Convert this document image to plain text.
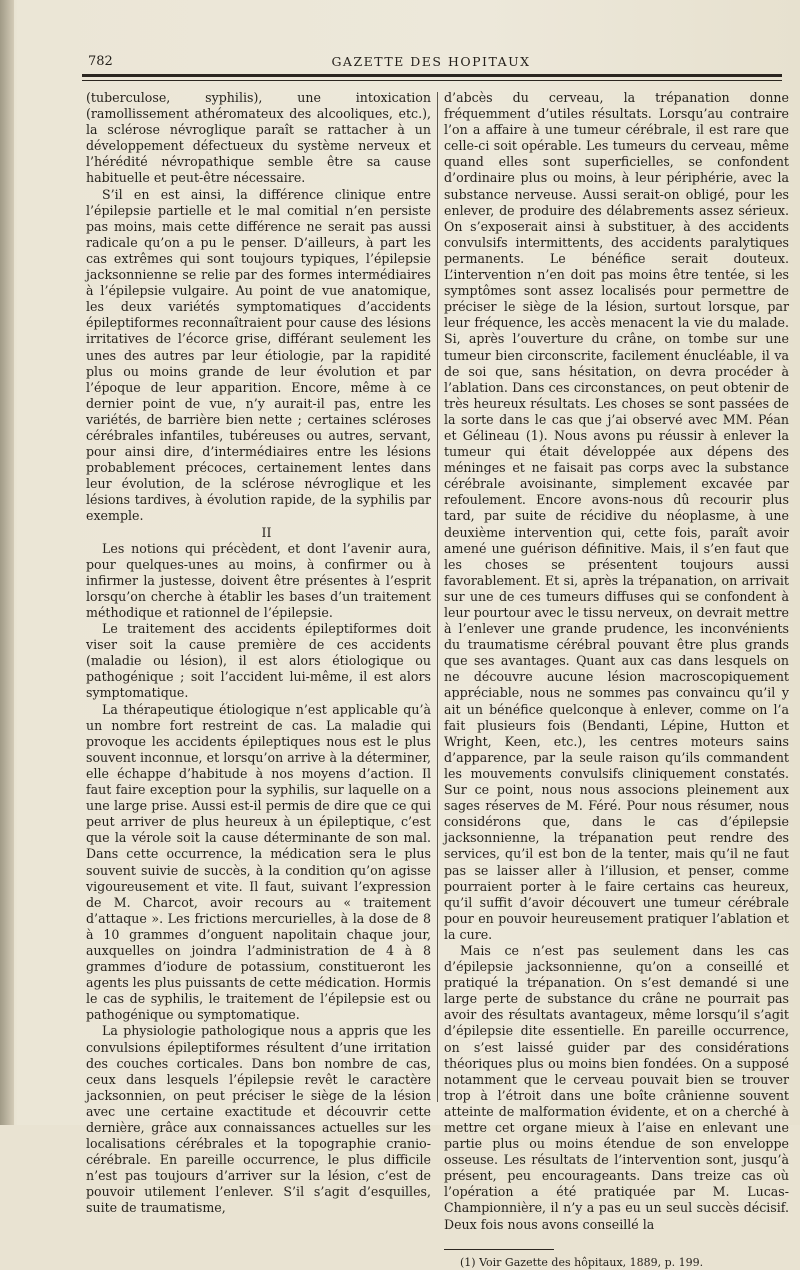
782	GAZETTE DES HOPITAUX

(tuberculose, syphilis), une intoxication (ramollissement athéromateux des alcooliques, etc.), la sclérose névroglique paraît se rattacher à un développement défectueux du système nerveux et l’hérédité névropathique semble être sa cause habituelle et peut-être nécessaire.

S’il en est ainsi, la différence clinique entre l’épilepsie partielle et le mal comitial n’en persiste pas moins, mais cette différence ne serait pas aussi radicale qu’on a pu le penser. D’ailleurs, à part les cas extrêmes qui sont toujours typiques, l’épilepsie jacksonnienne se relie par des formes intermédiaires à l’épilepsie vulgaire. Au point de vue anatomique, les deux variétés symptomatiques d’accidents épileptiformes reconnaîtraient pour cause des lésions irritatives de l’écorce grise, différant seulement les unes des autres par leur étiologie, par la rapidité plus ou moins grande de leur évolution et par l’époque de leur apparition. Encore, même à ce dernier point de vue, n’y aurait-il pas, entre les variétés, de barrière bien nette ; certaines scléroses cérébrales infantiles, tubéreuses ou autres, servant, pour ainsi dire, d’intermédiaires entre les lésions probablement précoces, certainement lentes dans leur évolution, de la sclérose névroglique et les lésions tardives, à évolution rapide, de la syphilis par exemple.

II

Les notions qui précèdent, et dont l’avenir aura, pour quelques-unes au moins, à confirmer ou à infirmer la justesse, doivent être présentes à l’esprit lorsqu’on cherche à établir les bases d’un traitement méthodique et rationnel de l’épilepsie.

Le traitement des accidents épileptiformes doit viser soit la cause première de ces accidents (maladie ou lésion), il est alors étiologique ou pathogénique ; soit l’accident lui-même, il est alors symptomatique.

La thérapeutique étiologique n’est applicable qu’à un nombre fort restreint de cas. La maladie qui provoque les accidents épileptiques nous est le plus souvent inconnue, et lorsqu’on arrive à la déterminer, elle échappe d’habitude à nos moyens d’action. Il faut faire exception pour la syphilis, sur laquelle on a une large prise. Aussi est-il permis de dire que ce qui peut arriver de plus heureux à un épileptique, c’est que la vérole soit la cause déterminante de son mal. Dans cette occurrence, la médication sera le plus souvent suivie de succès, à la condition qu’on agisse vigoureusement et vite. Il faut, suivant l’expression de M. Charcot, avoir recours au « traitement d’attaque ». Les frictions mercurielles, à la dose de 8 à 10 grammes d’onguent napolitain chaque jour, auxquelles on joindra l’administration de 4 à 8 grammes d’iodure de potassium, constitueront les agents les plus puissants de cette médication. Hormis le cas de syphilis, le traitement de l’épilepsie est ou pathogénique ou symptomatique.

La physiologie pathologique nous a appris que les convulsions épileptiformes résultent d’une irritation des couches corticales. Dans bon nombre de cas, ceux dans lesquels l’épilepsie revêt le caractère jacksonnien, on peut préciser le siège de la lésion avec une certaine exactitude et découvrir cette dernière, grâce aux connaissances actuelles sur les localisations cérébrales et la topographie cranio-cérébrale. En pareille occurrence, le plus difficile n’est pas toujours d’arriver sur la lésion, c’est de pouvoir utilement l’enlever. S’il s’agit d’esquilles, suite de traumatisme,

d’abcès du cerveau, la trépanation donne fréquemment d’utiles résultats. Lorsqu’au contraire l’on a affaire à une tumeur cérébrale, il est rare que celle-ci soit opérable. Les tumeurs du cerveau, même quand elles sont superficielles, se confondent d’ordinaire plus ou moins, à leur périphérie, avec la substance nerveuse. Aussi serait-on obligé, pour les enlever, de produire des délabrements assez sérieux. On s’exposerait ainsi à substituer, à des accidents convulsifs intermittents, des accidents paralytiques permanents. Le bénéfice serait douteux. L’intervention n’en doit pas moins être tentée, si les symptômes sont assez localisés pour permettre de préciser le siège de la lésion, surtout lorsque, par leur fréquence, les accès menacent la vie du malade. Si, après l’ouverture du crâne, on tombe sur une tumeur bien circonscrite, facilement énucléable, il va de soi que, sans hésitation, on devra procéder à l’ablation. Dans ces circonstances, on peut obtenir de très heureux résultats. Les choses se sont passées de la sorte dans le cas que j’ai observé avec MM. Péan et Gélineau (1). Nous avons pu réussir à enlever la tumeur qui était développée aux dépens des méninges et ne faisait pas corps avec la substance cérébrale avoisinante, simplement excavée par refoulement. Encore avons-nous dû recourir plus tard, par suite de récidive du néoplasme, à une deuxième intervention qui, cette fois, paraît avoir amené une guérison définitive. Mais, il s’en faut que les choses se présentent toujours aussi favorablement. Et si, après la trépanation, on arrivait sur une de ces tumeurs diffuses qui se confondent à leur pourtour avec le tissu nerveux, on devrait mettre à l’enlever une grande prudence, les inconvénients du traumatisme cérébral pouvant être plus grands que ses avantages. Quant aux cas dans lesquels on ne découvre aucune lésion macroscopiquement appréciable, nous ne sommes pas convaincu qu’il y ait un bénéfice quelconque à enlever, comme on l’a fait plusieurs fois (Bendanti, Lépine, Hutton et Wright, Keen, etc.), les centres moteurs sains d’apparence, par la seule raison qu’ils commandent les mouvements convulsifs cliniquement constatés. Sur ce point, nous nous associons pleinement aux sages réserves de M. Féré. Pour nous résumer, nous considérons que, dans le cas d’épilepsie jacksonnienne, la trépanation peut rendre des services, qu’il est bon de la tenter, mais qu’il ne faut pas se laisser aller à l’illusion, et penser, comme pourraient porter à le faire certains cas heureux, qu’il suffit d’avoir découvert une tumeur cérébrale pour en pouvoir heureusement pratiquer l’ablation et la cure.

Mais ce n’est pas seulement dans les cas d’épilepsie jacksonnienne, qu’on a conseillé et pratiqué la trépanation. On s’est demandé si une large perte de substance du crâne ne pourrait pas avoir des résultats avantageux, même lorsqu’il s’agit d’épilepsie dite essentielle. En pareille occurrence, on s’est laissé guider par des considérations théoriques plus ou moins bien fondées. On a supposé notamment que le cerveau pouvait bien se trouver trop à l’étroit dans une boîte crânienne souvent atteinte de malformation évidente, et on a cherché à mettre cet organe mieux à l’aise en enlevant une partie plus ou moins étendue de son enveloppe osseuse. Les résultats de l’intervention sont, jusqu’à présent, peu encourageants. Dans treize cas où l’opération a été pratiquée par M. Lucas-Championnière, il n’y a pas eu un seul succès décisif. Deux fois nous avons conseillé la

(1) Voir Gazette des hôpitaux, 1889, p. 199.
